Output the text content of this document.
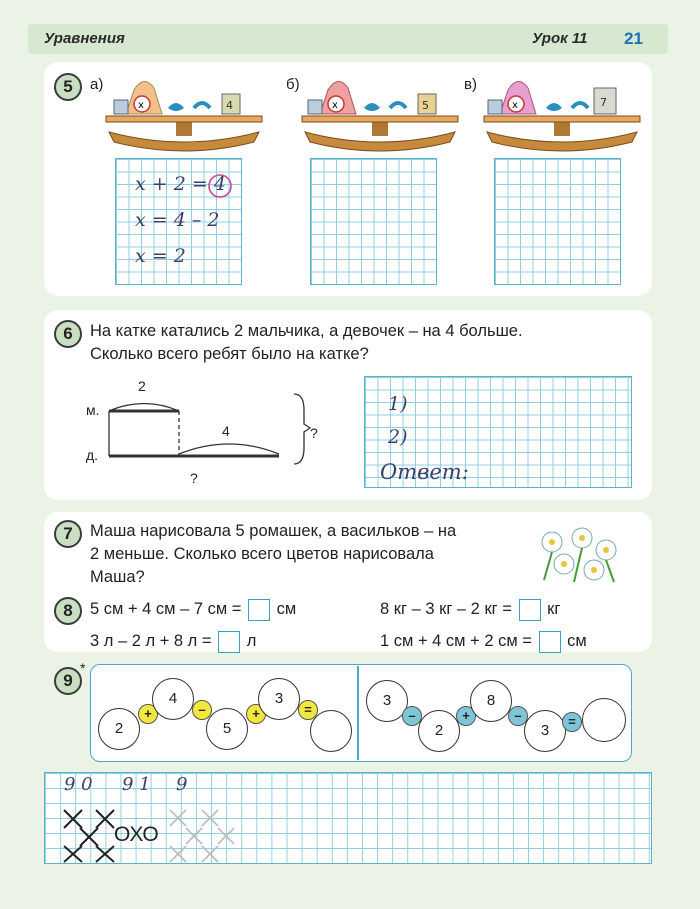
Уравнения	Урок 11 21
5	а)	б)	в)
x	4	x	5	x	7
x + 2 = 4
x = 4 – 2
x = 2
6	На катке катались 2 мальчика, а девочек – на 4 больше.
Сколько всего ребят было на катке?
м.
д.
2
4	?
?
1)
2)
Ответ:
7	Маша нарисовала 5 ромашек, а васильков – на
2 меньше. Сколько всего цветов нарисовала
Маша?
8	5 см + 4 см – 7 см = см	8 кг – 3 кг – 2 кг = кг
3 л – 2 л + 8 л = л	1 см + 4 см + 2 см = см
9
*
2
+
4
–
5
+
3
=
3
–
2
+
8
–
3
=
9 0 9 1 9
OXO
